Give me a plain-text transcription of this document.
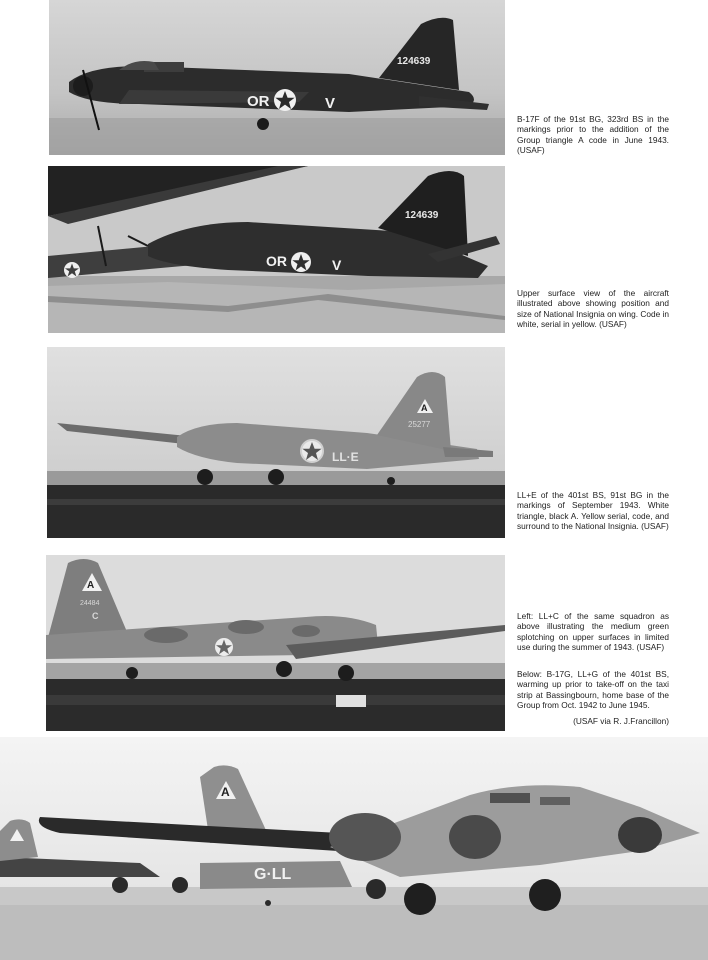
OR	V
124639
OR	V
124639
A
25277
LL·E
A
24484
C
A
G·LL
B-17F of the 91st BG, 323rd BS in the markings prior to the addition of the Group triangle A code in June 1943. (USAF)
Upper surface view of the aircraft illustrated above showing position and size of National Insignia on wing. Code in white, serial in yellow. (USAF)
LL+E of the 401st BS, 91st BG in the markings of September 1943. White triangle, black A. Yellow serial, code, and surround to the National Insignia. (USAF)
Left: LL+C of the same squadron as above illustrating the medium green splotching on upper surfaces in limited use during the summer of 1943. (USAF)
Below: B-17G, LL+G of the 401st BS, warming up prior to take-off on the taxi strip at Bassingbourn, home base of the Group from Oct. 1942 to June 1945.
(USAF via R. J.Francillon)
